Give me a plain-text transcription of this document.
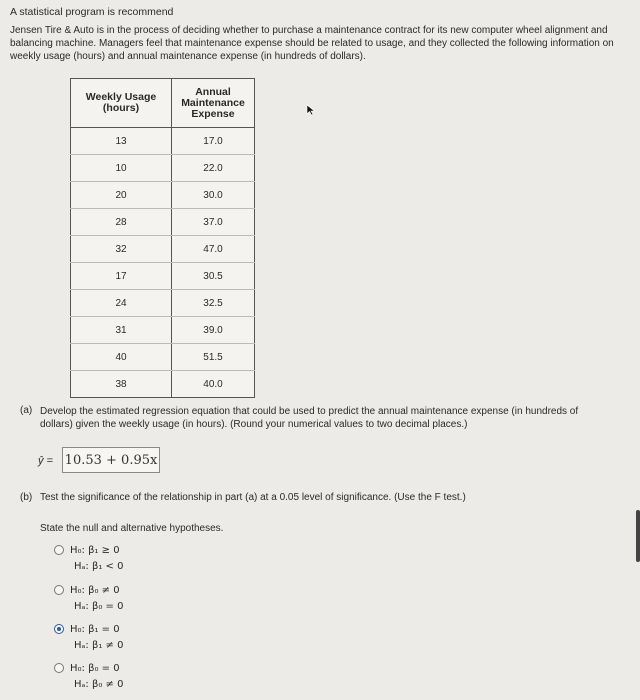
A statistical program is recommend
Jensen Tire & Auto is in the process of deciding whether to purchase a maintenance contract for its new computer wheel alignment and balancing machine. Managers feel that maintenance expense should be related to usage, and they collected the following information on weekly usage (hours) and annual maintenance expense (in hundreds of dollars).
Weekly Usage (hours)	Annual Maintenance Expense
13	17.0
10	22.0
20	30.0
28	37.0
32	47.0
17	30.5
24	32.5
31	39.0
40	51.5
38	40.0
(a) Develop the estimated regression equation that could be used to predict the annual maintenance expense (in hundreds of dollars) given the weekly usage (in hours). (Round your numerical values to two decimal places.)
ŷ = 10.53 + 0.95x
(b) Test the significance of the relationship in part (a) at a 0.05 level of significance. (Use the F test.)
State the null and alternative hypotheses.
H₀: β₁ ≥ 0
Hₐ: β₁ < 0
H₀: β₀ ≠ 0
Hₐ: β₀ = 0
H₀: β₁ = 0
Hₐ: β₁ ≠ 0
H₀: β₀ = 0
Hₐ: β₀ ≠ 0
